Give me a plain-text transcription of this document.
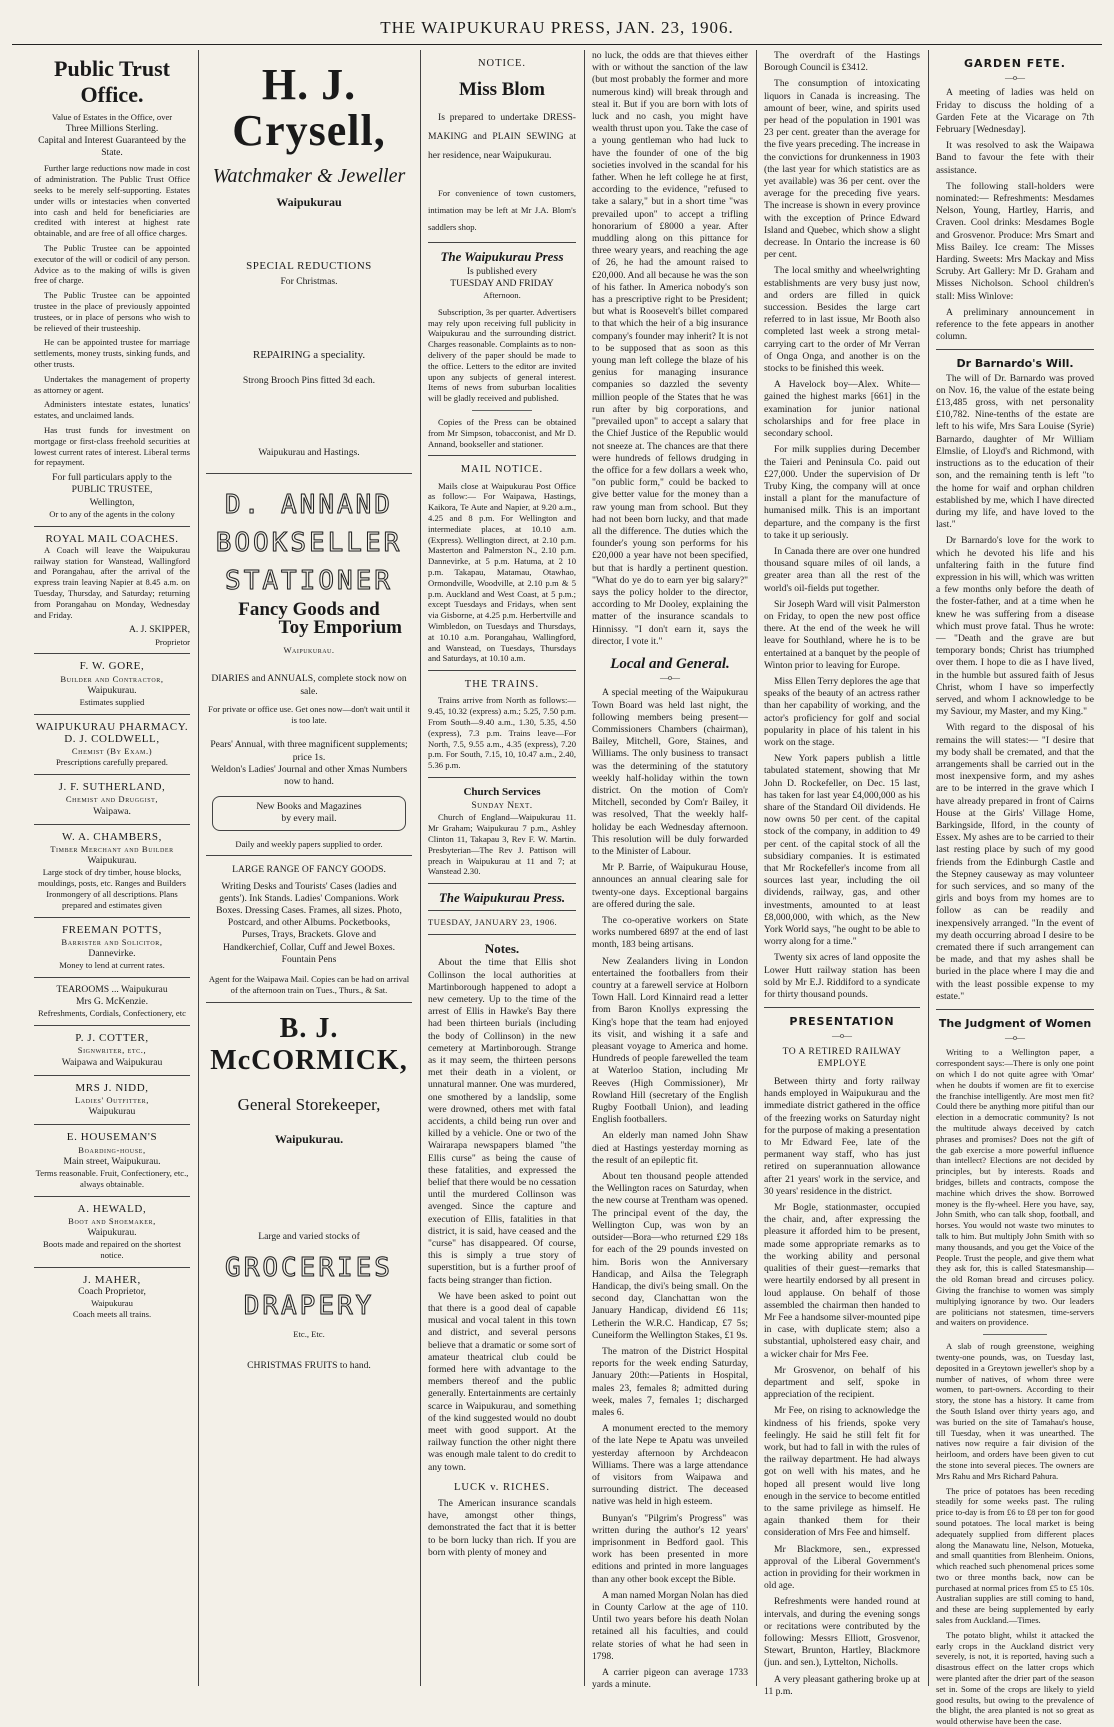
THE WAIPUKURAU PRESS, JAN. 23, 1906.
Public Trust Office.
Value of Estates in the Office, over
Three Millions Sterling.
Capital and Interest Guaranteed by the State.

Further large reductions now made in cost of administration. The Public Trust Office seeks to be merely self-supporting. Estates under wills or intestacies when converted into cash and held for beneficiaries are credited with interest at highest rate obtainable, and are free of all office charges.

The Public Trustee can be appointed executor of the will or codicil of any person. Advice as to the making of wills is given free of charge.

The Public Trustee can be appointed trustee in the place of previously appointed trustees, or in place of persons who wish to be relieved of their trusteeship.

He can be appointed trustee for marriage settlements, money trusts, sinking funds, and other trusts.

Undertakes the management of property as attorney or agent.

Administers intestate estates, lunatics' estates, and unclaimed lands.

Has trust funds for investment on mortgage or first-class freehold securities at lowest current rates of interest. Liberal terms for repayment.

For full particulars apply to the
PUBLIC TRUSTEE,
Wellington,
Or to any of the agents in the colony
ROYAL MAIL COACHES.

A Coach will leave the Waipukurau railway station for Wanstead, Wallingford and Porangahau, after the arrival of the express train leaving Napier at 8.45 a.m. on Tuesday, Thursday, and Saturday; returning from Porangahau on Monday, Wednesday and Friday.

A. J. SKIPPER,
Proprietor
F. W. GORE,
Builder and Contractor,
Waipukurau.
Estimates supplied
WAIPUKURAU PHARMACY.
D. J. COLDWELL,
Chemist (By Exam.)
Prescriptions carefully prepared.
J. F. SUTHERLAND,
Chemist and Druggist,
Waipawa.
W. A. CHAMBERS,
Timber Merchant and Builder
Waipukurau.
Large stock of dry timber, house blocks, mouldings, posts, etc. Ranges and Builders Ironmongery of all descriptions. Plans prepared and estimates given
FREEMAN POTTS,
Barrister and Solicitor,
Dannevirke.
Money to lend at current rates.
TEAROOMS ... Waipukurau
Mrs G. McKenzie.
Refreshments, Cordials, Confectionery, etc
P. J. COTTER,
Signwriter, etc.,
Waipawa and Waipukurau
MRS J. NIDD,
Ladies' Outfitter,
Waipukurau
E. HOUSEMAN'S
Boarding-house,
Main street, Waipukurau.
Terms reasonable. Fruit, Confectionery, etc., always obtainable.
A. HEWALD,
Boot and Shoemaker,
Waipukurau.
Boots made and repaired on the shortest notice.
J. MAHER,
Coach Proprietor,
Waipukurau
Coach meets all trains.
H. J. Crysell,
Watchmaker & Jeweller
Waipukurau
SPECIAL REDUCTIONS
For Christmas.
REPAIRING a speciality.
Strong Brooch Pins fitted 3d each.
Waipukurau and Hastings.
D. ANNAND
BOOKSELLER
STATIONER
Fancy Goods and
Toy Emporium
Waipukurau.
DIARIES and ANNUALS, complete stock now on sale.
For private or office use. Get ones now—don't wait until it is too late.
Pears' Annual, with three magnificent supplements; price 1s.
Weldon's Ladies' Journal and other Xmas Numbers now to hand.
New Books and Magazines
by every mail.
Daily and weekly papers supplied to order.
LARGE RANGE OF FANCY GOODS.
Writing Desks and Tourists' Cases (ladies and gents'). Ink Stands. Ladies' Companions. Work Boxes. Dressing Cases. Frames, all sizes. Photo, Postcard, and other Albums. Pocketbooks, Purses, Trays, Brackets. Glove and Handkerchief, Collar, Cuff and Jewel Boxes. Fountain Pens
Agent for the Waipawa Mail. Copies can be had on arrival of the afternoon train on Tues., Thurs., & Sat.
B. J. McCORMICK,
General Storekeeper,
Waipukurau.
Large and varied stocks of
GROCERIES
DRAPERY
Etc., Etc.
CHRISTMAS FRUITS to hand.
NOTICE.
Miss Blom

Is prepared to undertake DRESS-MAKING and PLAIN SEWING at her residence, near Waipukurau.

For convenience of town customers, intimation may be left at Mr J.A. Blom's saddlers shop.

The Waipukurau Press
Is published every
TUESDAY AND FRIDAY
Afternoon.

Subscription, 3s per quarter. Advertisers may rely upon receiving full publicity in Waipukurau and the surrounding district. Charges reasonable. Complaints as to non-delivery of the paper should be made to the office. Letters to the editor are invited upon any subjects of general interest. Items of news from suburban localities will be gladly received and published.

Copies of the Press can be obtained from Mr Simpson, tobacconist, and Mr D. Annand, bookseller and stationer.

MAIL NOTICE.

Mails close at Waipukurau Post Office as follow:— For Waipawa, Hastings, Kaikora, Te Aute and Napier, at 9.20 a.m., 4.25 and 8 p.m. For Wellington and intermediate places, at 10.10 a.m. (Express). Wellington direct, at 2.10 p.m. Masterton and Palmerston N., 2.10 p.m. Dannevirke, at 5 p.m. Hatuma, at 2 10 p.m. Takapau, Matamau, Otawhao, Ormondville, Woodville, at 2.10 p.m & 5 p.m. Auckland and West Coast, at 5 p.m.; except Tuesdays and Fridays, when sent via Gisborne, at 4.25 p.m. Herbertville and Wimbledon, on Tuesdays and Thursdays, at 10.10 a.m. Porangahau, Wallingford, and Wanstead, on Tuesdays, Thursdays and Saturdays, at 10.10 a.m.

THE TRAINS.

Trains arrive from North as follows:— 9.45, 10.32 (express) a.m.; 5.25, 7.50 p.m. From South—9.40 a.m., 1.30, 5.35, 4.50 (express), 7.3 p.m. Trains leave—For North, 7.5, 9.55 a.m., 4.35 (express), 7.20 p.m. For South, 7.15, 10, 10.47 a.m., 2.40, 5.36 p.m.

Church Services
Sunday Next.

Church of England—Waipukurau 11. Mr Graham; Waipukurau 7 p.m., Ashley Clinton 11, Takapau 3, Rev F. W. Martin. Presbyterian—The Rev J. Pattison will preach in Waipukurau at 11 and 7; at Wanstead 2.30.

The Waipukurau Press.
TUESDAY, JANUARY 23, 1906.
Notes.

About the time that Ellis shot Collinson the local authorities at Martinborough happened to adopt a new cemetery. Up to the time of the arrest of Ellis in Hawke's Bay there had been thirteen burials (including the body of Collinson) in the new cemetery at Martinborough. Strange as it may seem, the thirteen persons met their death in a violent, or unnatural manner. One was murdered, one smothered by a landslip, some were drowned, others met with fatal accidents, a child being run over and killed by a vehicle. One or two of the Wairarapa newspapers blamed "the Ellis curse" as being the cause of these fatalities, and expressed the belief that there would be no cessation until the murdered Collinson was avenged. Since the capture and execution of Ellis, fatalities in that district, it is said, have ceased and the "curse" has disappeared. Of course, this is simply a true story of superstition, but is a further proof of facts being stranger than fiction.

We have been asked to point out that there is a good deal of capable musical and vocal talent in this town and district, and several persons believe that a dramatic or some sort of amateur theatrical club could be formed here with advantage to the members thereof and the public generally. Entertainments are certainly scarce in Waipukurau, and something of the kind suggested would no doubt meet with good support. At the railway function the other night there was enough male talent to do credit to any town.

LUCK v. RICHES.

The American insurance scandals have, amongst other things, demonstrated the fact that it is better to be born lucky than rich. If you are born with plenty of money and

no luck, the odds are that thieves either with or without the sanction of the law (but most probably the former and more numerous kind) will break through and steal it. But if you are born with lots of luck and no cash, you might have wealth thrust upon you. Take the case of a young gentleman who had luck to have the founder of one of the big societies involved in the scandal for his father. When he left college he at first, according to the evidence, "refused to take a salary," but in a short time "was prevailed upon" to accept a trifling honorarium of £8000 a year. After muddling along on this pittance for three weary years, and reaching the age of 26, he had the amount raised to £20,000. And all because he was the son of his father. In America nobody's son has a prescriptive right to be President; but what is Roosevelt's billet compared to that which the heir of a big insurance company's founder may inherit? It is not to be supposed that as soon as this young man left college the blaze of his genius for managing insurance companies so dazzled the seventy million people of the States that he was run after by big corporations, and "prevailed upon" to accept a salary that the Chief Justice of the Republic would not sneeze at. The chances are that there were hundreds of fellows drudging in the office for a few dollars a week who, "on public form," could be backed to give better value for the money than a raw young man from school. But they had not been born lucky, and that made all the difference. The duties which the founder's young son performs for his £20,000 a year have not been specified, but that is hardly a pertinent question. "What do ye do to earn yer big salary?" says the policy holder to the director, according to Mr Dooley, explaining the matter of the insurance scandals to Hinnissy. "I don't earn it, says the director, I vote it."

Local and General.
—o—

A special meeting of the Waipukurau Town Board was held last night, the following members being present—Commissioners Chambers (chairman), Bailey, Mitchell, Gore, Staines, and Williams. The only business to transact was the determining of the statutory weekly half-holiday within the town district. On the motion of Com'r Mitchell, seconded by Com'r Bailey, it was resolved, That the weekly half-holiday be each Wednesday afternoon. This resolution will be duly forwarded to the Minister of Labour.

Mr P. Barrie, of Waipukurau House, announces an annual clearing sale for twenty-one days. Exceptional bargains are offered during the sale.

The co-operative workers on State works numbered 6897 at the end of last month, 183 being artisans.

New Zealanders living in London entertained the footballers from their country at a farewell service at Holborn Town Hall. Lord Kinnaird read a letter from Baron Knollys expressing the King's hope that the team had enjoyed its visit, and wishing it a safe and pleasant voyage to America and home. Hundreds of people farewelled the team at Waterloo Station, including Mr Reeves (High Commissioner), Mr Rowland Hill (secretary of the English Rugby Football Union), and leading English footballers.

An elderly man named John Shaw died at Hastings yesterday morning as the result of an epileptic fit.

About ten thousand people attended the Wellington races on Saturday, when the new course at Trentham was opened. The principal event of the day, the Wellington Cup, was won by an outsider—Bora—who returned £29 18s for each of the 29 pounds invested on him. Boris won the Anniversary Handicap, and Ailsa the Telegraph Handicap, the divi's being small. On the second day, Clanchattan won the January Handicap, dividend £6 11s; Letherin the W.R.C. Handicap, £7 5s; Cuneiform the Wellington Stakes, £1 9s.

The matron of the District Hospital reports for the week ending Saturday, January 20th:—Patients in Hospital, males 23, females 8; admitted during week, males 7, females 1; discharged males 6.

A monument erected to the memory of the late Nepe te Apatu was unveiled yesterday afternoon by Archdeacon Williams. There was a large attendance of visitors from Waipawa and surrounding district. The deceased native was held in high esteem.

Bunyan's "Pilgrim's Progress" was written during the author's 12 years' imprisonment in Bedford gaol. This work has been presented in more editions and printed in more languages than any other book except the Bible.

A man named Morgan Nolan has died in County Carlow at the age of 110. Until two years before his death Nolan retained all his faculties, and could relate stories of what he had seen in 1798.

A carrier pigeon can average 1733 yards a minute.

The overdraft of the Hastings Borough Council is £3412.

The consumption of intoxicating liquors in Canada is increasing. The amount of beer, wine, and spirits used per head of the population in 1901 was 23 per cent. greater than the average for the five years preceding. The increase in the convictions for drunkenness in 1903 (the last year for which statistics are as yet available) was 36 per cent. over the average for the preceding five years. The increase is shown in every province with the exception of Prince Edward Island and Quebec, which show a slight decrease. In Ontario the increase is 60 per cent.

The local smithy and wheelwrighting establishments are very busy just now, and orders are filled in quick succession. Besides the large cart referred to in last issue, Mr Booth also completed last week a strong metal-carrying cart to the order of Mr Verran of Onga Onga, and another is on the stocks to be finished this week.

A Havelock boy—Alex. White—gained the highest marks [661] in the examination for junior national scholarships and for free place in secondary school.

For milk supplies during December the Taieri and Peninsula Co. paid out £27,000. Under the supervision of Dr Truby King, the company will at once install a plant for the manufacture of humanised milk. This is an important departure, and the company is the first to take it up seriously.

In Canada there are over one hundred thousand square miles of oil lands, a greater area than all the rest of the world's oil-fields put together.

Sir Joseph Ward will visit Palmerston on Friday, to open the new post office there. At the end of the week he will leave for Southland, where he is to be entertained at a banquet by the people of Winton prior to leaving for Europe.

Miss Ellen Terry deplores the age that speaks of the beauty of an actress rather than her capability of working, and the actor's proficiency for golf and social popularity in place of his talent in his work on the stage.

New York papers publish a little tabulated statement, showing that Mr John D. Rockefeller, on Dec. 15 last, has taken for last year £4,000,000 as his share of the Standard Oil dividends. He now owns 50 per cent. of the capital stock of the company, in addition to 49 per cent. of the capital stock of all the subsidiary companies. It is estimated that Mr Rockefeller's income from all sources last year, including the oil dividends, railway, gas, and other investments, amounted to at least £8,000,000, with which, as the New York World says, "he ought to be able to worry along for a time."

Twenty six acres of land opposite the Lower Hutt railway station has been sold by Mr E.J. Riddiford to a syndicate for thirty thousand pounds.

PRESENTATION
—o—
TO A RETIRED RAILWAY EMPLOYE

Between thirty and forty railway hands employed in Waipukurau and the immediate district gathered in the office of the freezing works on Saturday night for the purpose of making a presentation to Mr Edward Fee, late of the permanent way staff, who has just retired on superannuation allowance after 21 years' work in the service, and 30 years' residence in the district.

Mr Bogle, stationmaster, occupied the chair, and, after expressing the pleasure it afforded him to be present, made some appropriate remarks as to the working ability and personal qualities of their guest—remarks that were heartily endorsed by all present in loud applause. On behalf of those assembled the chairman then handed to Mr Fee a handsome silver-mounted pipe in case, with duplicate stem; also a substantial, upholstered easy chair, and a wicker chair for Mrs Fee.

Mr Grosvenor, on behalf of his department and self, spoke in appreciation of the recipient.

Mr Fee, on rising to acknowledge the kindness of his friends, spoke very feelingly. He said he still felt fit for work, but had to fall in with the rules of the railway department. He had always got on well with his mates, and he hoped all present would live long enough in the service to become entitled to the same privilege as himself. He again thanked them for their consideration of Mrs Fee and himself.

Mr Blackmore, sen., expressed approval of the Liberal Government's action in providing for their workmen in old age.

Refreshments were handed round at intervals, and during the evening songs or recitations were contributed by the following: Messrs Elliott, Grosvenor, Stewart, Brunton, Hartley, Blackmore (jun. and sen.), Lyttelton, Nicholls.

A very pleasant gathering broke up at 11 p.m.

GARDEN FETE.
—o—

A meeting of ladies was held on Friday to discuss the holding of a Garden Fete at the Vicarage on 7th February [Wednesday].

It was resolved to ask the Waipawa Band to favour the fete with their assistance.

The following stall-holders were nominated:— Refreshments: Mesdames Nelson, Young, Hartley, Harris, and Craven. Cool drinks: Mesdames Bogle and Grosvenor. Produce: Mrs Smart and Miss Bailey. Ice cream: The Misses Harding. Sweets: Mrs Mackay and Miss Scruby. Art Gallery: Mr D. Graham and Misses Nicholson. School children's stall: Miss Winlove:

A preliminary announcement in reference to the fete appears in another column.

Dr Barnardo's Will.

The will of Dr. Barnardo was proved on Nov. 16, the value of the estate being £13,485 gross, with net personality £10,782. Nine-tenths of the estate are left to his wife, Mrs Sara Louise (Syrie) Barnardo, daughter of Mr William Elmslie, of Lloyd's and Richmond, with instructions as to the education of their son, and the remaining tenth is left "to the home for waif and orphan children established by me, which I have directed during my life, and have loved to the last."

Dr Barnardo's love for the work to which he devoted his life and his unfaltering faith in the future find expression in his will, which was written a few months only before the death of the foster-father, and at a time when he knew he was suffering from a disease which must prove fatal. Thus he wrote:— "Death and the grave are but temporary bonds; Christ has triumphed over them. I hope to die as I have lived, in the humble but assured faith of Jesus Christ, whom I have so imperfectly served, and whom I acknowledge to be my Saviour, my Master, and my King."

With regard to the disposal of his remains the will states:— "I desire that my body shall be cremated, and that the arrangements shall be carried out in the most inexpensive form, and my ashes are to be interred in the grave which I have already prepared in front of Cairns House at the Girls' Village Home, Barkingside, Ilford, in the county of Essex. My ashes are to be carried to their last resting place by such of my good friends from the Edinburgh Castle and the Stepney causeway as may volunteer for such services, and so many of the girls and boys from my homes are to follow as can be readily and inexpensively arranged. "In the event of my death occurring abroad I desire to be cremated there if such arrangement can be made, and that my ashes shall be buried in the place where I may die and with the least possible expense to my estate."

The Judgment of Women
—o—

Writing to a Wellington paper, a correspondent says:—There is only one point on which I do not quite agree with 'Omar' when he doubts if women are fit to exercise the franchise intelligently. Are most men fit? Could there be anything more pitiful than our election in a democratic community? Is not the multitude always deceived by catch phrases and promises? Does not the gift of the gab exercise a more powerful influence than intellect? Elections are not decided by principles, but by interests. Roads and bridges, billets and contracts, compose the machine which drives the show. Borrowed money is the fly-wheel. Here you have, say, John Smith, who can talk shop, football, and horses. You would not waste two minutes to talk to him. But multiply John Smith with so many thousands, and you get the Voice of the People. Trust the people, and give them what they ask for, this is called Statesmanship—the old Roman bread and circuses policy. Giving the franchise to women was simply multiplying ignorance by two. Our leaders are politicians not statesmen, time-servers and waiters on providence.

A slab of rough greenstone, weighing twenty-one pounds, was, on Tuesday last, deposited in a Greytown jeweller's shop by a number of natives, of whom three were women, to part-owners. According to their story, the stone has a history. It came from the South Island over thirty years ago, and was buried on the site of Tamahau's house, till Tuesday, when it was unearthed. The natives now require a fair division of the heirloom, and orders have been given to cut the stone into several pieces. The owners are Mrs Rahu and Mrs Richard Pahura.

The price of potatoes has been receding steadily for some weeks past. The ruling price to-day is from £6 to £8 per ton for good sound potatoes. The local market is being adequately supplied from different places along the Manawatu line, Nelson, Motueka, and small quantities from Blenheim. Onions, which reached such phenomenal prices some two or three months back, now can be purchased at normal prices from £5 to £5 10s. Australian supplies are still coming to hand, and these are being supplemented by early sales from Auckland.—Times.

The potato blight, whilst it attacked the early crops in the Auckland district very severely, is not, it is reported, having such a disastrous effect on the latter crops which were planted after the drier part of the season set in. Some of the crops are likely to yield good results, but owing to the prevalence of the blight, the area planted is not so great as would otherwise have been the case.
